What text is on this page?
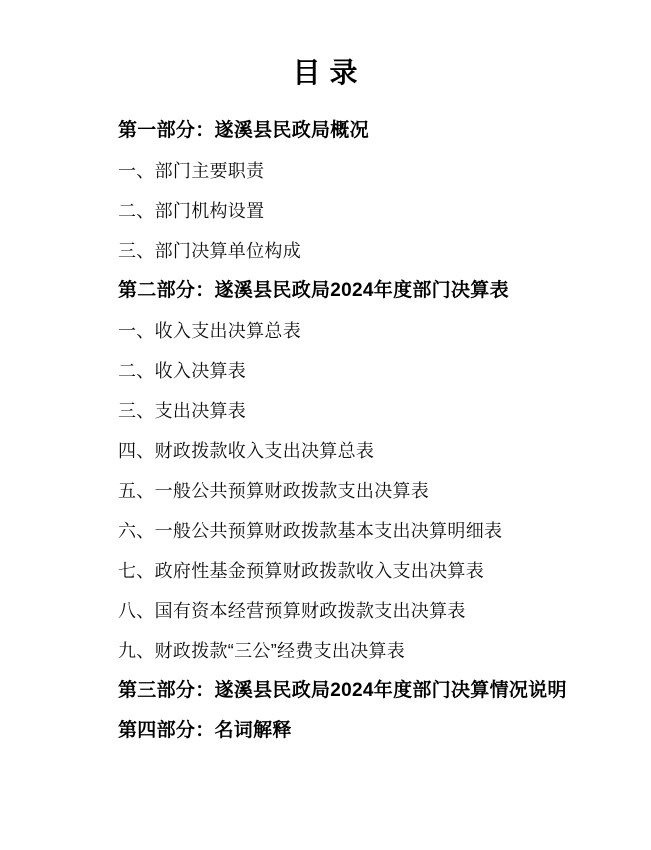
目 录
第一部分：遂溪县民政局概况
一、部门主要职责
二、部门机构设置
三、部门决算单位构成
第二部分：遂溪县民政局2024年度部门决算表
一、收入支出决算总表
二、收入决算表
三、支出决算表
四、财政拨款收入支出决算总表
五、一般公共预算财政拨款支出决算表
六、一般公共预算财政拨款基本支出决算明细表
七、政府性基金预算财政拨款收入支出决算表
八、国有资本经营预算财政拨款支出决算表
九、财政拨款“三公”经费支出决算表
第三部分：遂溪县民政局2024年度部门决算情况说明
第四部分：名词解释
